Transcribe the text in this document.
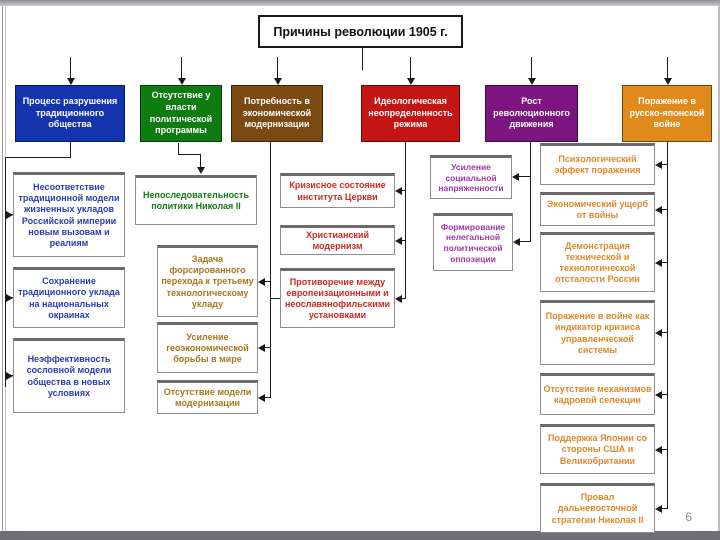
Причины революции 1905 г.
Процесс разрушения традиционного общества
Несоответствие традиционной модели жизненных укладов Российской империи новым вызовам и реалиям
Сохранение традиционного уклада на национальных окраинах
Неэффективность сословной модели общества в новых условиях
Отсутствие у власти политической программы
Непоследовательность политики Николая II
Потребность в экономической модернизации
Задача форсированного перехода к третьему технологическому укладу
Усиление геоэкономической борьбы в мире
Отсутствие модели модернизации
Идеологическая неопределенность режима
Кризисное состояние института Церкви
Христианский модернизм
Противоречие между европеизационными и неославянофильскими установками
Рост революционного движения
Усиление социальной напряженности
Формирование нелегальной политической оппозиции
Поражение в русско-японской войне
Психологический эффект поражения
Экономический ущерб от войны
Демонстрация технической и технологической отсталости России
Поражение в войне как индикатор кризиса управленческой системы
Отсутствие механизмов кадровой селекции
Поддержка Японии со стороны США и Великобритании
Провал дальневосточной стратегии Николая II	6
